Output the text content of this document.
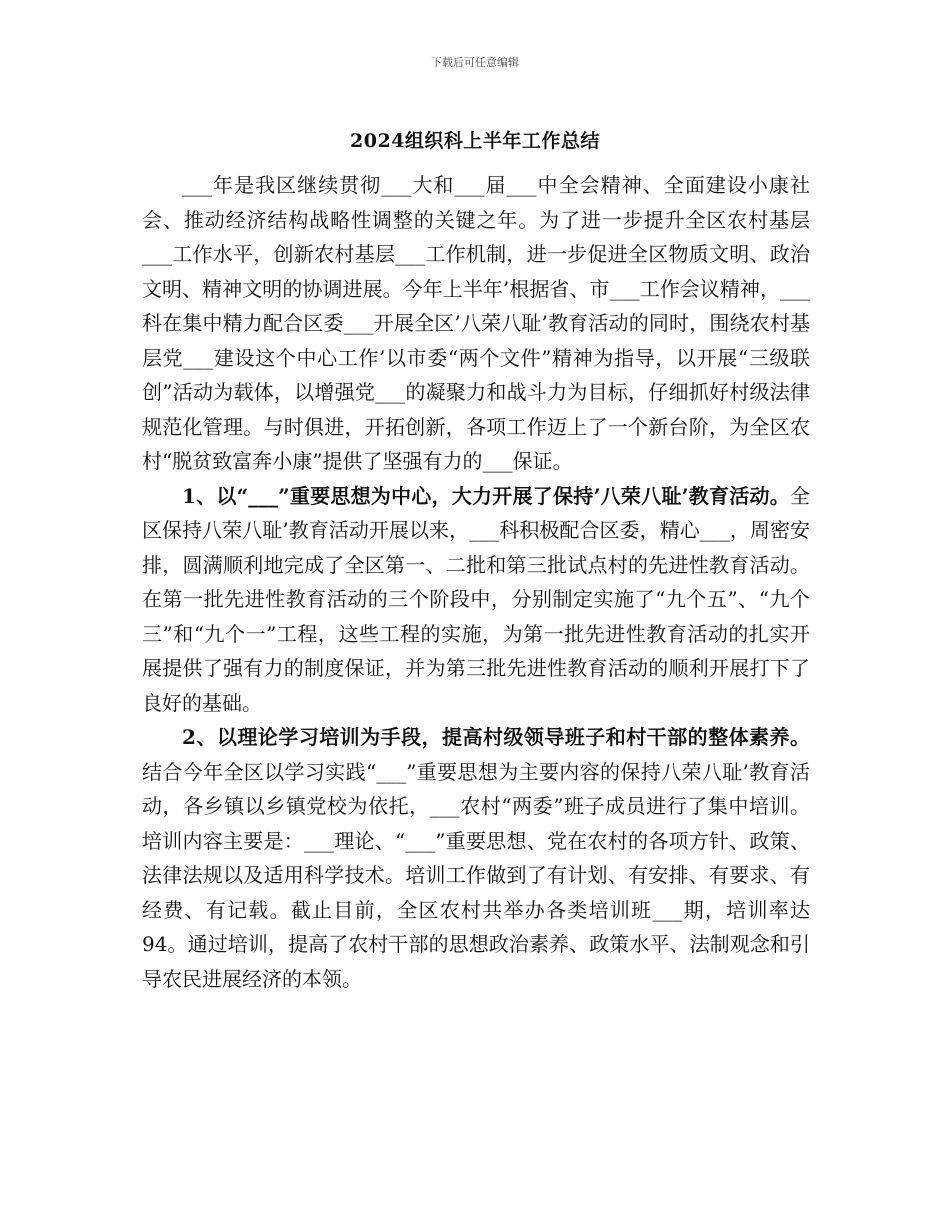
下载后可任意编辑
2024组织科上半年工作总结

___年是我区继续贯彻___大和___届___中全会精神、全面建设小康社会、推动经济结构战略性调整的关键之年。为了进一步提升全区农村基层___工作水平，创新农村基层___工作机制，进一步促进全区物质文明、政治文明、精神文明的协调进展。今年上半年’根据省、市___工作会议精神，___科在集中精力配合区委___开展全区’八荣八耻’教育活动的同时，围绕农村基层党___建设这个中心工作’以市委“两个文件”精神为指导，以开展“三级联创”活动为载体，以增强党___的凝聚力和战斗力为目标，仔细抓好村级法律规范化管理。与时俱进，开拓创新，各项工作迈上了一个新台阶，为全区农村“脱贫致富奔小康”提供了坚强有力的___保证。

1、以“___”重要思想为中心，大力开展了保持’八荣八耻’教育活动。全区保持八荣八耻’教育活动开展以来，___科积极配合区委，精心___，周密安排，圆满顺利地完成了全区第一、二批和第三批试点村的先进性教育活动。在第一批先进性教育活动的三个阶段中，分别制定实施了“九个五”、“九个三”和“九个一”工程，这些工程的实施，为第一批先进性教育活动的扎实开展提供了强有力的制度保证，并为第三批先进性教育活动的顺利开展打下了良好的基础。

2、以理论学习培训为手段，提高村级领导班子和村干部的整体素养。结合今年全区以学习实践“___”重要思想为主要内容的保持八荣八耻’教育活动，各乡镇以乡镇党校为依托，___农村“两委”班子成员进行了集中培训。培训内容主要是：___理论、“___”重要思想、党在农村的各项方针、政策、法律法规以及适用科学技术。培训工作做到了有计划、有安排、有要求、有经费、有记载。截止目前，全区农村共举办各类培训班___期，培训率达94。通过培训，提高了农村干部的思想政治素养、政策水平、法制观念和引导农民进展经济的本领。
